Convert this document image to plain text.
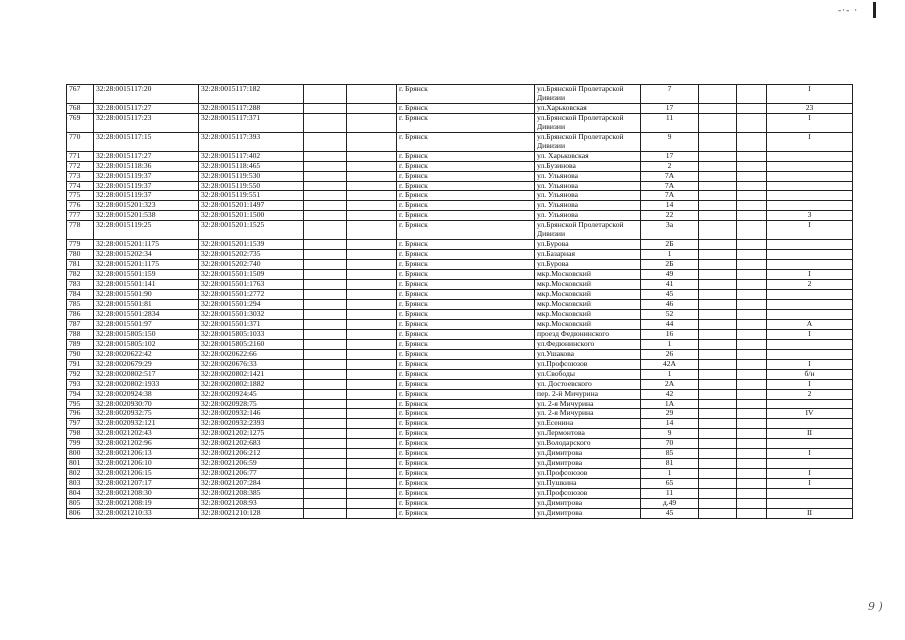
-·- ·
767	32:28:0015117:20	32:28:0015117:182			г. Брянск	ул.Брянской Пролетарской Дивизии	7			I
768	32:28:0015117:27	32:28:0015117:288			г. Брянск	ул.Харьковская	17			23
769	32:28:0015117:23	32:28:0015117:371			г. Брянск	ул.Брянской Пролетарской Дивизии	11			I
770	32:28:0015117:15	32:28:0015117:393			г. Брянск	ул.Брянской Пролетарской Дивизии	9			I
771	32:28:0015117:27	32:28:0015117:402			г. Брянск	ул. Харьковская	17			
772	32:28:0015118:36	32:28:0015118:465			г. Брянск	ул.Бузинова	2			
773	32:28:0015119:37	32:28:0015119:530			г. Брянск	ул. Ульянова	7А			
774	32:28:0015119:37	32:28:0015119:550			г. Брянск	ул. Ульянова	7А			
775	32:28:0015119:37	32:28:0015119:551			г. Брянск	ул. Ульянова	7А			
776	32:28:0015201:323	32:28:0015201:1497			г. Брянск	ул. Ульянова	14			
777	32:28:0015201:538	32:28:0015201:1500			г. Брянск	ул. Ульянова	22			3
778	32:28:0015119:25	32:28:0015201:1525			г. Брянск	ул.Брянской Пролетарской Дивизии	3а			I
779	32:28:0015201:1175	32:28:0015201:1539			г. Брянск	ул.Бурова	2Б			
780	32:28:0015202:34	32:28:0015202:735			г. Брянск	ул.Базарная	1			
781	32:28:0015201:1175	32:28:0015202:740			г. Брянск	ул.Бурова	2Б			
782	32:28:0015501:159	32:28:0015501:1509			г. Брянск	мкр.Московский	49			I
783	32:28:0015501:141	32:28:0015501:1763			г. Брянск	мкр.Московский	41			2
784	32:28:0015501:90	32:28:0015501:2772			г. Брянск	мкр.Московский	45			
785	32:28:0015501:81	32:28:0015501:294			г. Брянск	мкр.Московский	46			
786	32:28:0015501:2834	32:28:0015501:3032			г. Брянск	мкр.Московский	52			
787	32:28:0015501:97	32:28:0015501:371			г. Брянск	мкр.Московский	44			А
788	32:28:0015805:150	32:28:0015805:1033			г. Брянск	проезд Федюнинского	16			I
789	32:28:0015805:102	32:28:0015805:2160			г. Брянск	ул.Федюнинского	1			
790	32:28:0020622:42	32:28:0020622:66			г. Брянск	ул.Ушакова	26			
791	32:28:0020679:29	32:28:0020676:33			г. Брянск	ул.Профсоюзов	42А			I
792	32:28:0020802:517	32:28:0020802:1421			г. Брянск	ул.Свободы	1			б/н
793	32:28:0020802:1933	32:28:0020802:1882			г. Брянск	ул. Достоевского	2А			I
794	32:28:0020924:38	32:28:0020924:45			г. Брянск	пер. 2-й Мичурина	42			2
795	32:28:0020930:70	32:28:0020928:75			г. Брянск	ул. 2-я Мичурина	1А			
796	32:28:0020932:75	32:28:0020932:146			г. Брянск	ул. 2-я Мичурина	29			IV
797	32:28:0020932:121	32:28:0020932:2393			г. Брянск	ул.Есенина	14			
798	32:28:0021202:43	32:28:0021202:1275			г. Брянск	ул.Лермонтова	9			II
799	32:28:0021202:96	32:28:0021202:683			г. Брянск	ул.Володарского	70			
800	32:28:0021206:13	32:28:0021206:212			г. Брянск	ул.Димитрова	85			I
801	32:28:0021206:10	32:28:0021206:59			г. Брянск	ул.Димитрова	81			
802	32:28:0021206:15	32:28:0021206:77			г. Брянск	ул.Профсоюзов	1			I
803	32:28:0021207:17	32:28:0021207:284			г. Брянск	ул.Пушкина	65			I
804	32:28:0021208:30	32:28:0021208:385			г. Брянск	ул.Профсоюзов	11			
805	32:28:0021208:19	32:28:0021208:93			г. Брянск	ул.Димитрова	д.49			
806	32:28:0021210:33	32:28:0021210:128			г. Брянск	ул.Димитрова	45			II
9 )
